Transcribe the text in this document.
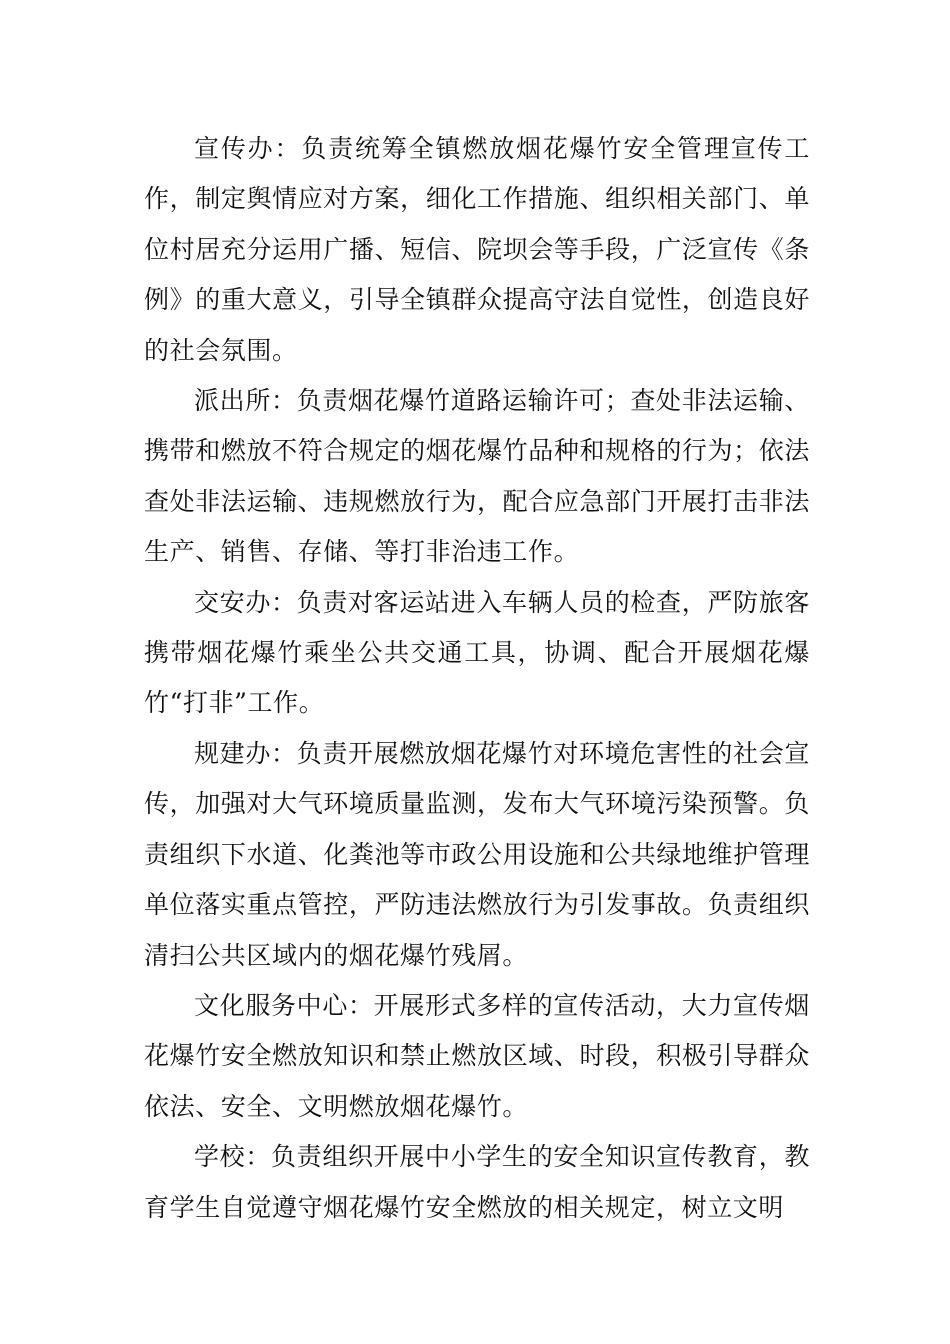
宣传办：负责统筹全镇燃放烟花爆竹安全管理宣传工作，制定舆情应对方案，细化工作措施、组织相关部门、单位村居充分运用广播、短信、院坝会等手段，广泛宣传《条例》的重大意义，引导全镇群众提高守法自觉性，创造良好的社会氛围。

派出所：负责烟花爆竹道路运输许可；查处非法运输、携带和燃放不符合规定的烟花爆竹品种和规格的行为；依法查处非法运输、违规燃放行为，配合应急部门开展打击非法生产、销售、存储、等打非治违工作。

交安办：负责对客运站进入车辆人员的检查，严防旅客携带烟花爆竹乘坐公共交通工具，协调、配合开展烟花爆竹“打非”工作。

规建办：负责开展燃放烟花爆竹对环境危害性的社会宣传，加强对大气环境质量监测，发布大气环境污染预警。负责组织下水道、化粪池等市政公用设施和公共绿地维护管理单位落实重点管控，严防违法燃放行为引发事故。负责组织清扫公共区域内的烟花爆竹残屑。

文化服务中心：开展形式多样的宣传活动，大力宣传烟花爆竹安全燃放知识和禁止燃放区域、时段，积极引导群众依法、安全、文明燃放烟花爆竹。

学校：负责组织开展中小学生的安全知识宣传教育，教育学生自觉遵守烟花爆竹安全燃放的相关规定，树立文明
